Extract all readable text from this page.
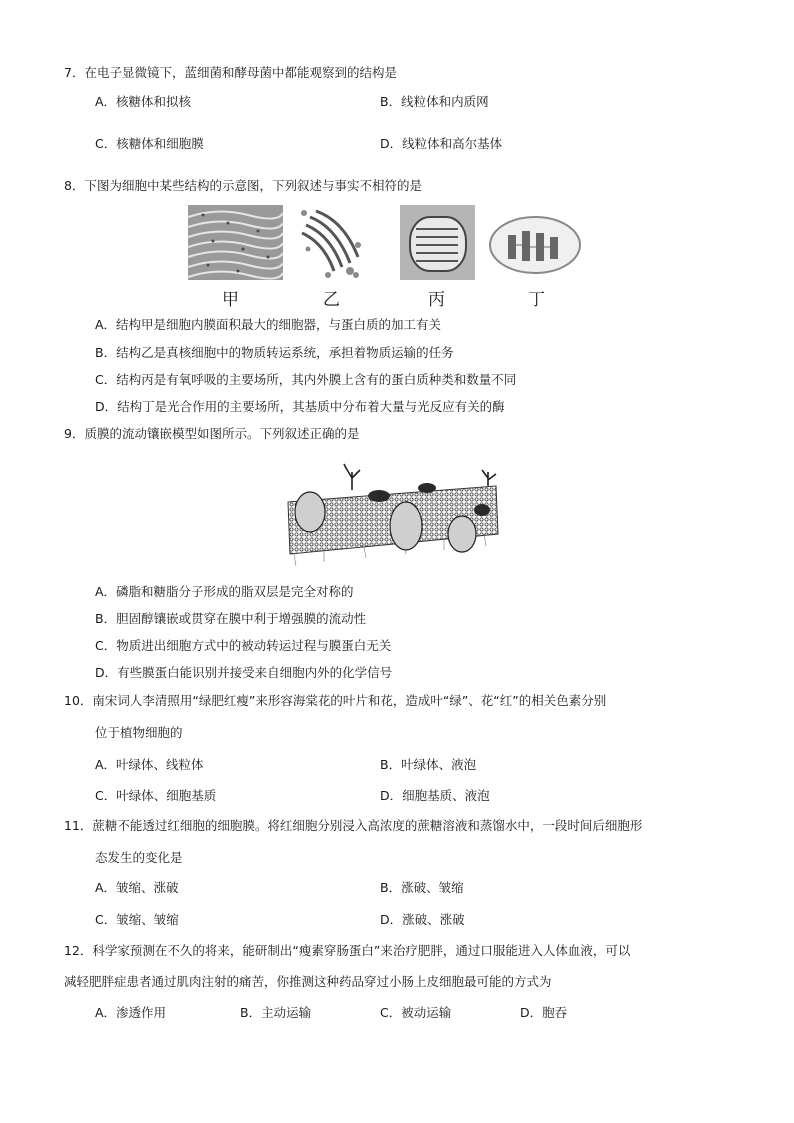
7．在电子显微镜下，蓝细菌和酵母菌中都能观察到的结构是
A．核糖体和拟核	B．线粒体和内质网
C．核糖体和细胞膜	D．线粒体和高尔基体
8．下图为细胞中某些结构的示意图，下列叙述与事实不相符的是
甲	乙	丙	丁
A．结构甲是细胞内膜面积最大的细胞器，与蛋白质的加工有关
B．结构乙是真核细胞中的物质转运系统，承担着物质运输的任务
C．结构丙是有氧呼吸的主要场所，其内外膜上含有的蛋白质种类和数量不同
D．结构丁是光合作用的主要场所，其基质中分布着大量与光反应有关的酶
9．质膜的流动镶嵌模型如图所示。下列叙述正确的是
A．磷脂和糖脂分子形成的脂双层是完全对称的
B．胆固醇镶嵌或贯穿在膜中利于增强膜的流动性
C．物质进出细胞方式中的被动转运过程与膜蛋白无关
D．有些膜蛋白能识别并接受来自细胞内外的化学信号
10．南宋词人李清照用“绿肥红瘦”来形容海棠花的叶片和花，造成叶“绿”、花“红”的相关色素分别
位于植物细胞的
A．叶绿体、线粒体	B．叶绿体、液泡
C．叶绿体、细胞基质	D．细胞基质、液泡
11．蔗糖不能透过红细胞的细胞膜。将红细胞分别浸入高浓度的蔗糖溶液和蒸馏水中，一段时间后细胞形
态发生的变化是
A．皱缩、涨破	B．涨破、皱缩
C．皱缩、皱缩	D．涨破、涨破
12．科学家预测在不久的将来，能研制出“瘦素穿肠蛋白”来治疗肥胖，通过口服能进入人体血液，可以
减轻肥胖症患者通过肌肉注射的痛苦，你推测这种药品穿过小肠上皮细胞最可能的方式为
A．渗透作用	B．主动运输	C．被动运输	D．胞吞
